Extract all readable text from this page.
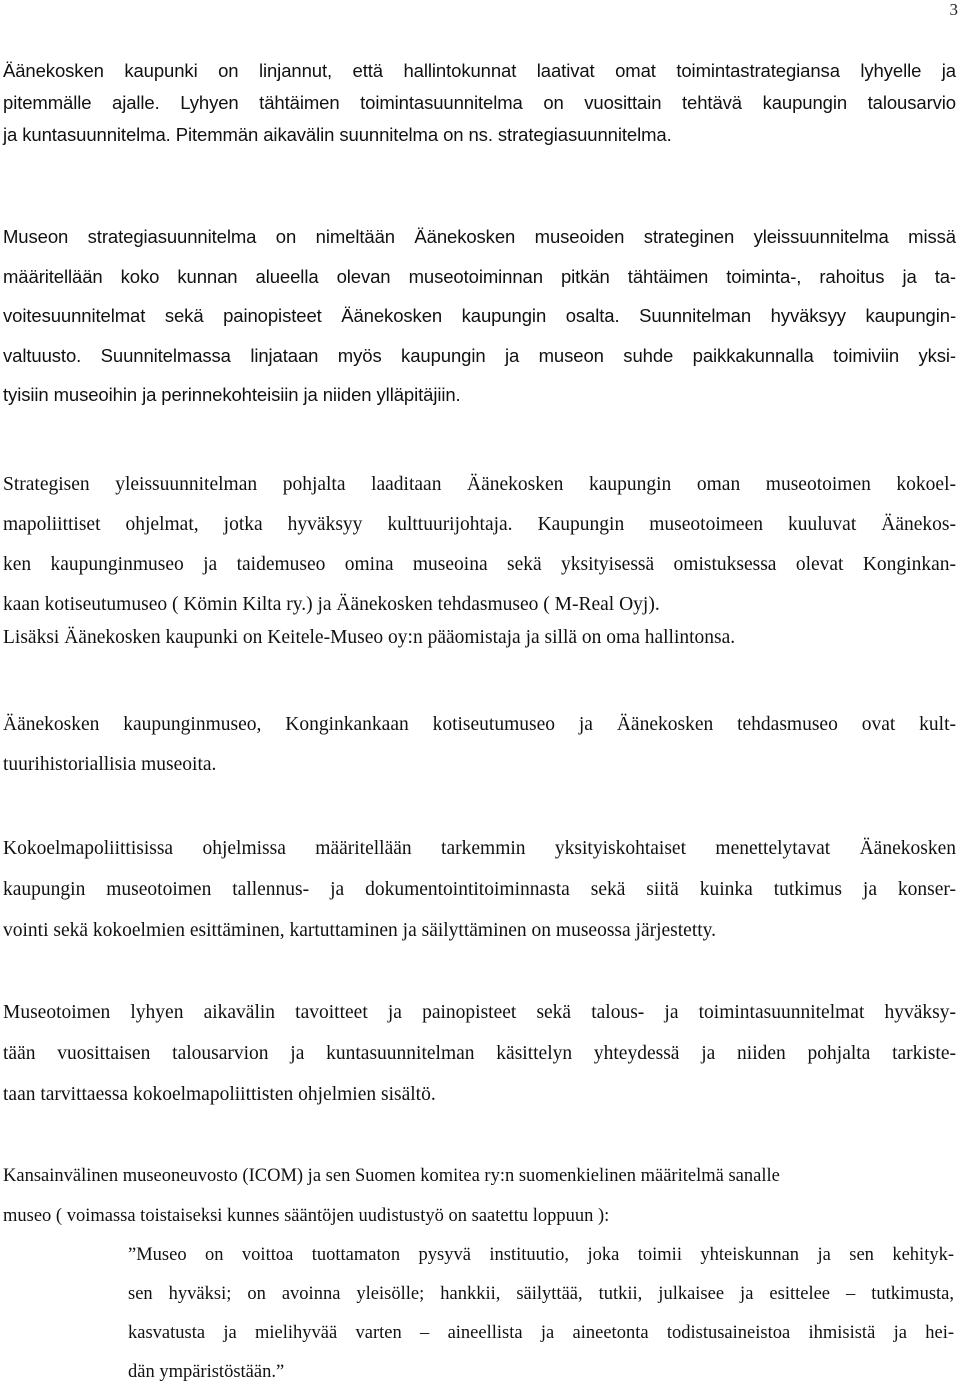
3
Äänekosken kaupunki on linjannut, että hallintokunnat laativat omat toimintastrategiansa lyhyelle ja
pitemmälle ajalle. Lyhyen tähtäimen toimintasuunnitelma on vuosittain tehtävä kaupungin talousarvio
ja kuntasuunnitelma. Pitemmän aikavälin suunnitelma on ns. strategiasuunnitelma.
Museon strategiasuunnitelma on nimeltään Äänekosken museoiden strateginen yleissuunnitelma missä
määritellään koko kunnan alueella olevan museotoiminnan pitkän tähtäimen toiminta-, rahoitus ja ta-
voitesuunnitelmat sekä painopisteet Äänekosken kaupungin osalta. Suunnitelman hyväksyy kaupungin-
valtuusto. Suunnitelmassa linjataan myös kaupungin ja museon suhde paikkakunnalla toimiviin yksi-
tyisiin museoihin ja perinnekohteisiin ja niiden ylläpitäjiin.
Strategisen yleissuunnitelman pohjalta laaditaan Äänekosken kaupungin oman museotoimen kokoel-
mapoliittiset ohjelmat, jotka hyväksyy kulttuurijohtaja. Kaupungin museotoimeen kuuluvat Äänekos-
ken kaupunginmuseo ja taidemuseo omina museoina sekä yksityisessä omistuksessa olevat Konginkan-
kaan kotiseutumuseo ( Kömin Kilta ry.) ja Äänekosken tehdasmuseo ( M-Real Oyj).
Lisäksi Äänekosken kaupunki on Keitele-Museo oy:n pääomistaja ja sillä on oma hallintonsa.
Äänekosken kaupunginmuseo, Konginkankaan kotiseutumuseo ja Äänekosken tehdasmuseo ovat kult-
tuurihistoriallisia museoita.
Kokoelmapoliittisissa ohjelmissa määritellään tarkemmin yksityiskohtaiset menettelytavat Äänekosken
kaupungin museotoimen tallennus- ja dokumentointitoiminnasta sekä siitä kuinka tutkimus ja konser-
vointi sekä kokoelmien esittäminen, kartuttaminen ja säilyttäminen on museossa järjestetty.
Museotoimen lyhyen aikavälin tavoitteet ja painopisteet sekä talous- ja toimintasuunnitelmat hyväksy-
tään vuosittaisen talousarvion ja kuntasuunnitelman käsittelyn yhteydessä ja niiden pohjalta tarkiste-
taan tarvittaessa kokoelmapoliittisten ohjelmien sisältö.
Kansainvälinen museoneuvosto (ICOM) ja sen Suomen komitea ry:n suomenkielinen määritelmä sanalle
museo ( voimassa toistaiseksi kunnes sääntöjen uudistustyö on saatettu loppuun ):
”Museo on voittoa tuottamaton pysyvä instituutio, joka toimii yhteiskunnan ja sen kehityk-
sen hyväksi; on avoinna yleisölle; hankkii, säilyttää, tutkii, julkaisee ja esittelee – tutkimusta,
kasvatusta ja mielihyvää varten – aineellista ja aineetonta todistusaineistoa ihmisistä ja hei-
dän ympäristöstään.”
